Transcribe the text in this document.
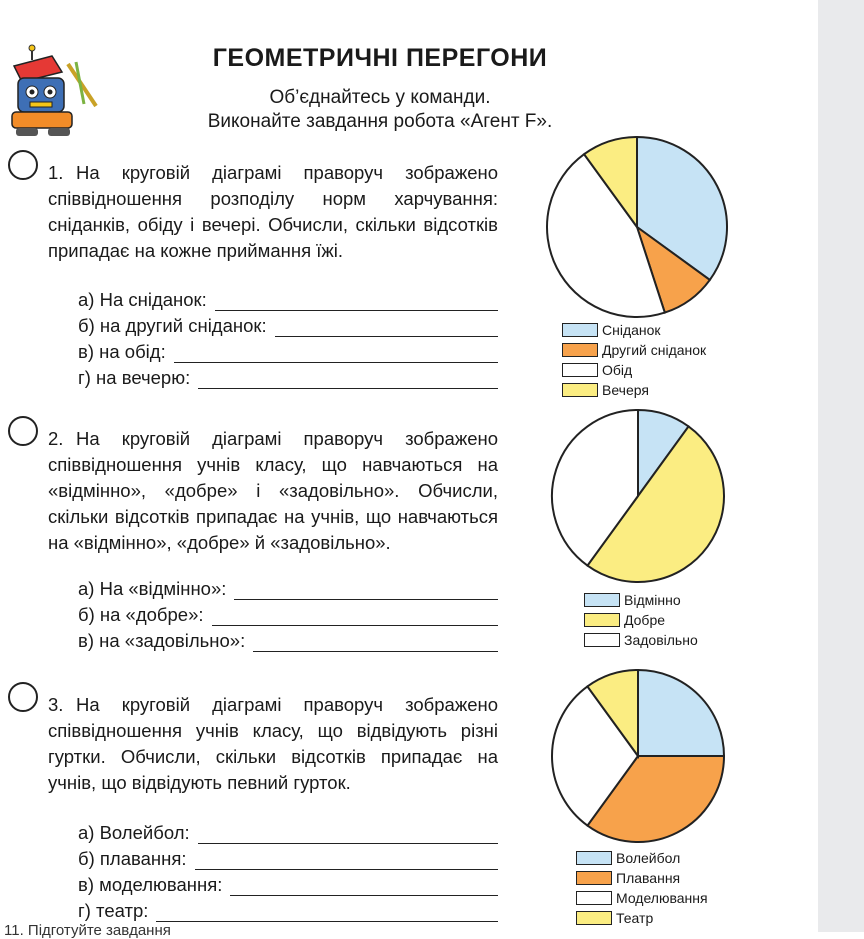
ГЕОМЕТРИЧНІ ПЕРЕГОНИ
Об’єднайтесь у команди.
Виконайте завдання робота «Агент F».
1. На круговій діаграмі праворуч зображено співвідношення розподілу норм харчування: сніданків, обіду і вечері. Обчисли, скільки відсотків припадає на кожне приймання їжі.
а) На сніданок:
б) на другий сніданок:
в) на обід:
г) на вечерю:
Сніданок
Другий сніданок
Обід
Вечеря
2. На круговій діаграмі праворуч зображено співвідношення учнів класу, що навчаються на «відмінно», «добре» і «задовільно». Обчисли, скільки відсотків припадає на учнів, що навчаються на «відмінно», «добре» й «задовільно».
а) На «відмінно»:
б) на «добре»:
в) на «задовільно»:
Відмінно
Добре
Задовільно
3. На круговій діаграмі праворуч зображено співвідношення учнів класу, що відвідують різні гуртки. Обчисли, скільки відсотків припадає на учнів, що відвідують певний гурток.
а) Волейбол:
б) плавання:
в) моделювання:
г) театр:
Волейбол
Плавання
Моделювання
Театр
11. Підготуйте завдання
